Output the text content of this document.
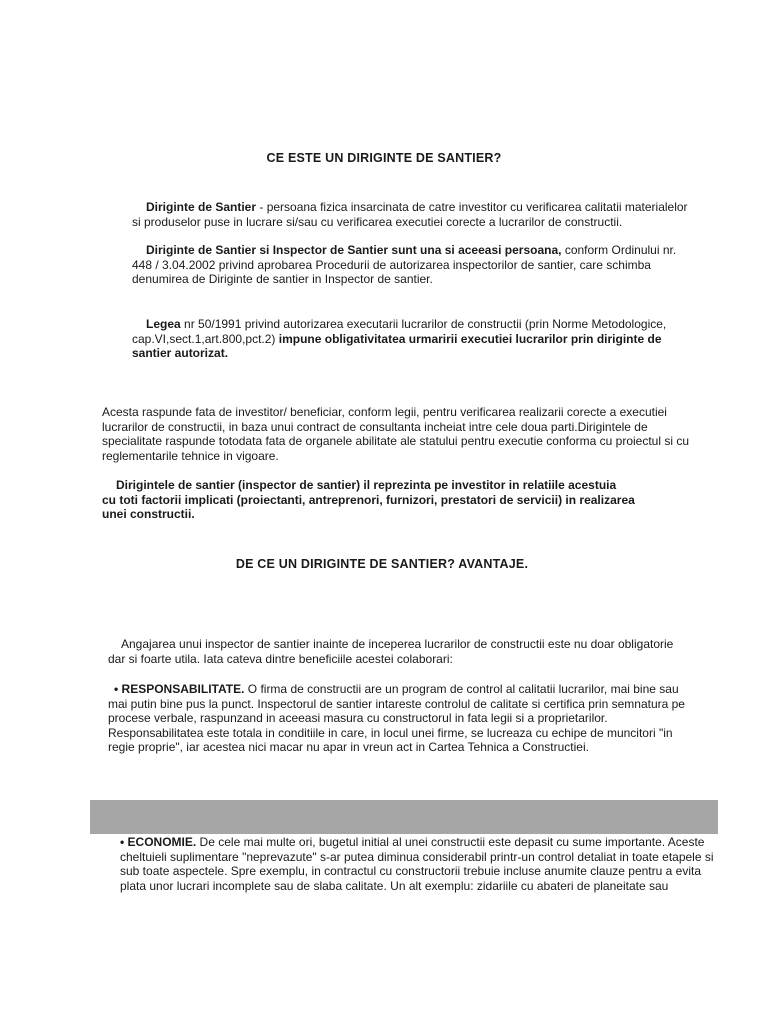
CE ESTE UN DIRIGINTE DE SANTIER?
Diriginte de Santier - persoana fizica insarcinata de catre investitor cu verificarea calitatii materialelor
si produselor puse in lucrare si/sau cu verificarea executiei corecte a lucrarilor de constructii.
Diriginte de Santier si Inspector de Santier sunt una si aceeasi persoana, conform Ordinului nr.
448 / 3.04.2002 privind aprobarea Procedurii de autorizarea inspectorilor de santier, care schimba
denumirea de Diriginte de santier in Inspector de santier.
Legea nr 50/1991 privind autorizarea executarii lucrarilor de constructii (prin Norme Metodologice,
cap.VI,sect.1,art.800,pct.2) impune obligativitatea urmaririi executiei lucrarilor prin diriginte de
santier autorizat.
Acesta raspunde fata de investitor/ beneficiar, conform legii, pentru verificarea realizarii corecte a executiei
lucrarilor de constructii, in baza unui contract de consultanta incheiat intre cele doua parti.Dirigintele de
specialitate raspunde totodata fata de organele abilitate ale statului pentru executie conforma cu proiectul si cu
reglementarile tehnice in vigoare.
Dirigintele de santier (inspector de santier) il reprezinta pe investitor in relatiile acestuia
cu toti factorii implicati (proiectanti, antreprenori, furnizori, prestatori de servicii) in realizarea
unei constructii.
DE CE UN DIRIGINTE DE SANTIER? AVANTAJE.
Angajarea unui inspector de santier inainte de inceperea lucrarilor de constructii este nu doar obligatorie
dar si foarte utila. Iata cateva dintre beneficiile acestei colaborari:
• RESPONSABILITATE. O firma de constructii are un program de control al calitatii lucrarilor, mai bine sau
mai putin bine pus la punct. Inspectorul de santier intareste controlul de calitate si certifica prin semnatura pe
procese verbale, raspunzand in aceeasi masura cu constructorul in fata legii si a proprietarilor.
Responsabilitatea este totala in conditiile in care, in locul unei firme, se lucreaza cu echipe de muncitori "in
regie proprie", iar acestea nici macar nu apar in vreun act in Cartea Tehnica a Constructiei.
• ECONOMIE. De cele mai multe ori, bugetul initial al unei constructii este depasit cu sume importante. Aceste
cheltuieli suplimentare "neprevazute" s-ar putea diminua considerabil printr-un control detaliat in toate etapele si
sub toate aspectele. Spre exemplu, in contractul cu constructorii trebuie incluse anumite clauze pentru a evita
plata unor lucrari incomplete sau de slaba calitate. Un alt exemplu: zidariile cu abateri de planeitate sau
